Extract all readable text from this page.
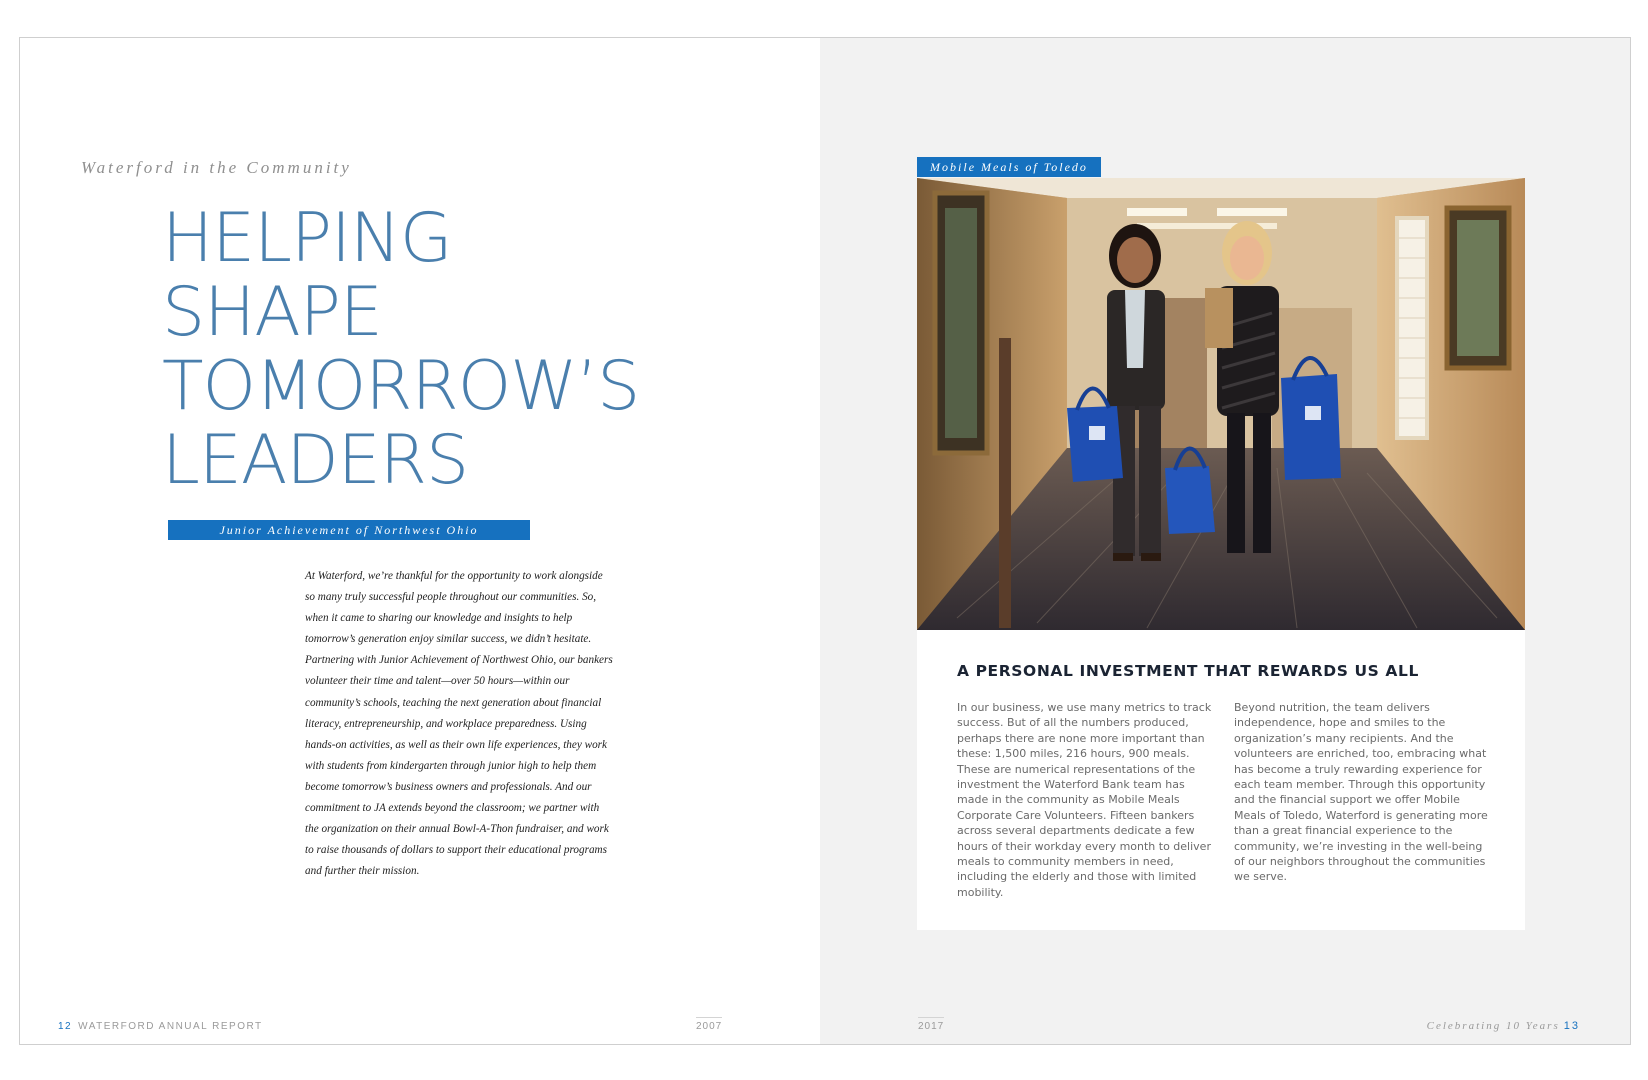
Waterford in the Community
HELPING
SHAPE
TOMORROW’S
LEADERS
Junior Achievement of Northwest Ohio

At Waterford, we’re thankful for the opportunity to work alongside so many truly successful people throughout our communities. So, when it came to sharing our knowledge and insights to help tomorrow’s generation enjoy similar success, we didn’t hesitate. Partnering with Junior Achievement of Northwest Ohio, our bankers volunteer their time and talent—over 50 hours—within our community’s schools, teaching the next generation about financial literacy, entrepreneurship, and workplace preparedness. Using hands-on activities, as well as their own life experiences, they work with students from kindergarten through junior high to help them become tomorrow’s business owners and professionals. And our commitment to JA extends beyond the classroom; we partner with the organization on their annual Bowl-A-Thon fundraiser, and work to raise thousands of dollars to support their educational programs and further their mission.

12 WATERFORD ANNUAL REPORT	2007
Mobile Meals of Toledo
A PERSONAL INVESTMENT THAT REWARDS US ALL

In our business, we use many metrics to track success. But of all the numbers produced, perhaps there are none more important than these: 1,500 miles, 216 hours, 900 meals. These are numerical representations of the investment the Waterford Bank team has made in the community as Mobile Meals Corporate Care Volunteers. Fifteen bankers across several departments dedicate a few hours of their workday every month to deliver meals to community members in need, including the elderly and those with limited mobility.

Beyond nutrition, the team delivers independence, hope and smiles to the organization’s many recipients. And the volunteers are enriched, too, embracing what has become a truly rewarding experience for each team member. Through this opportunity and the financial support we offer Mobile Meals of Toledo, Waterford is generating more than a great financial experience to the community, we’re investing in the well-being of our neighbors throughout the communities we serve.

2017	Celebrating 10 Years 13
